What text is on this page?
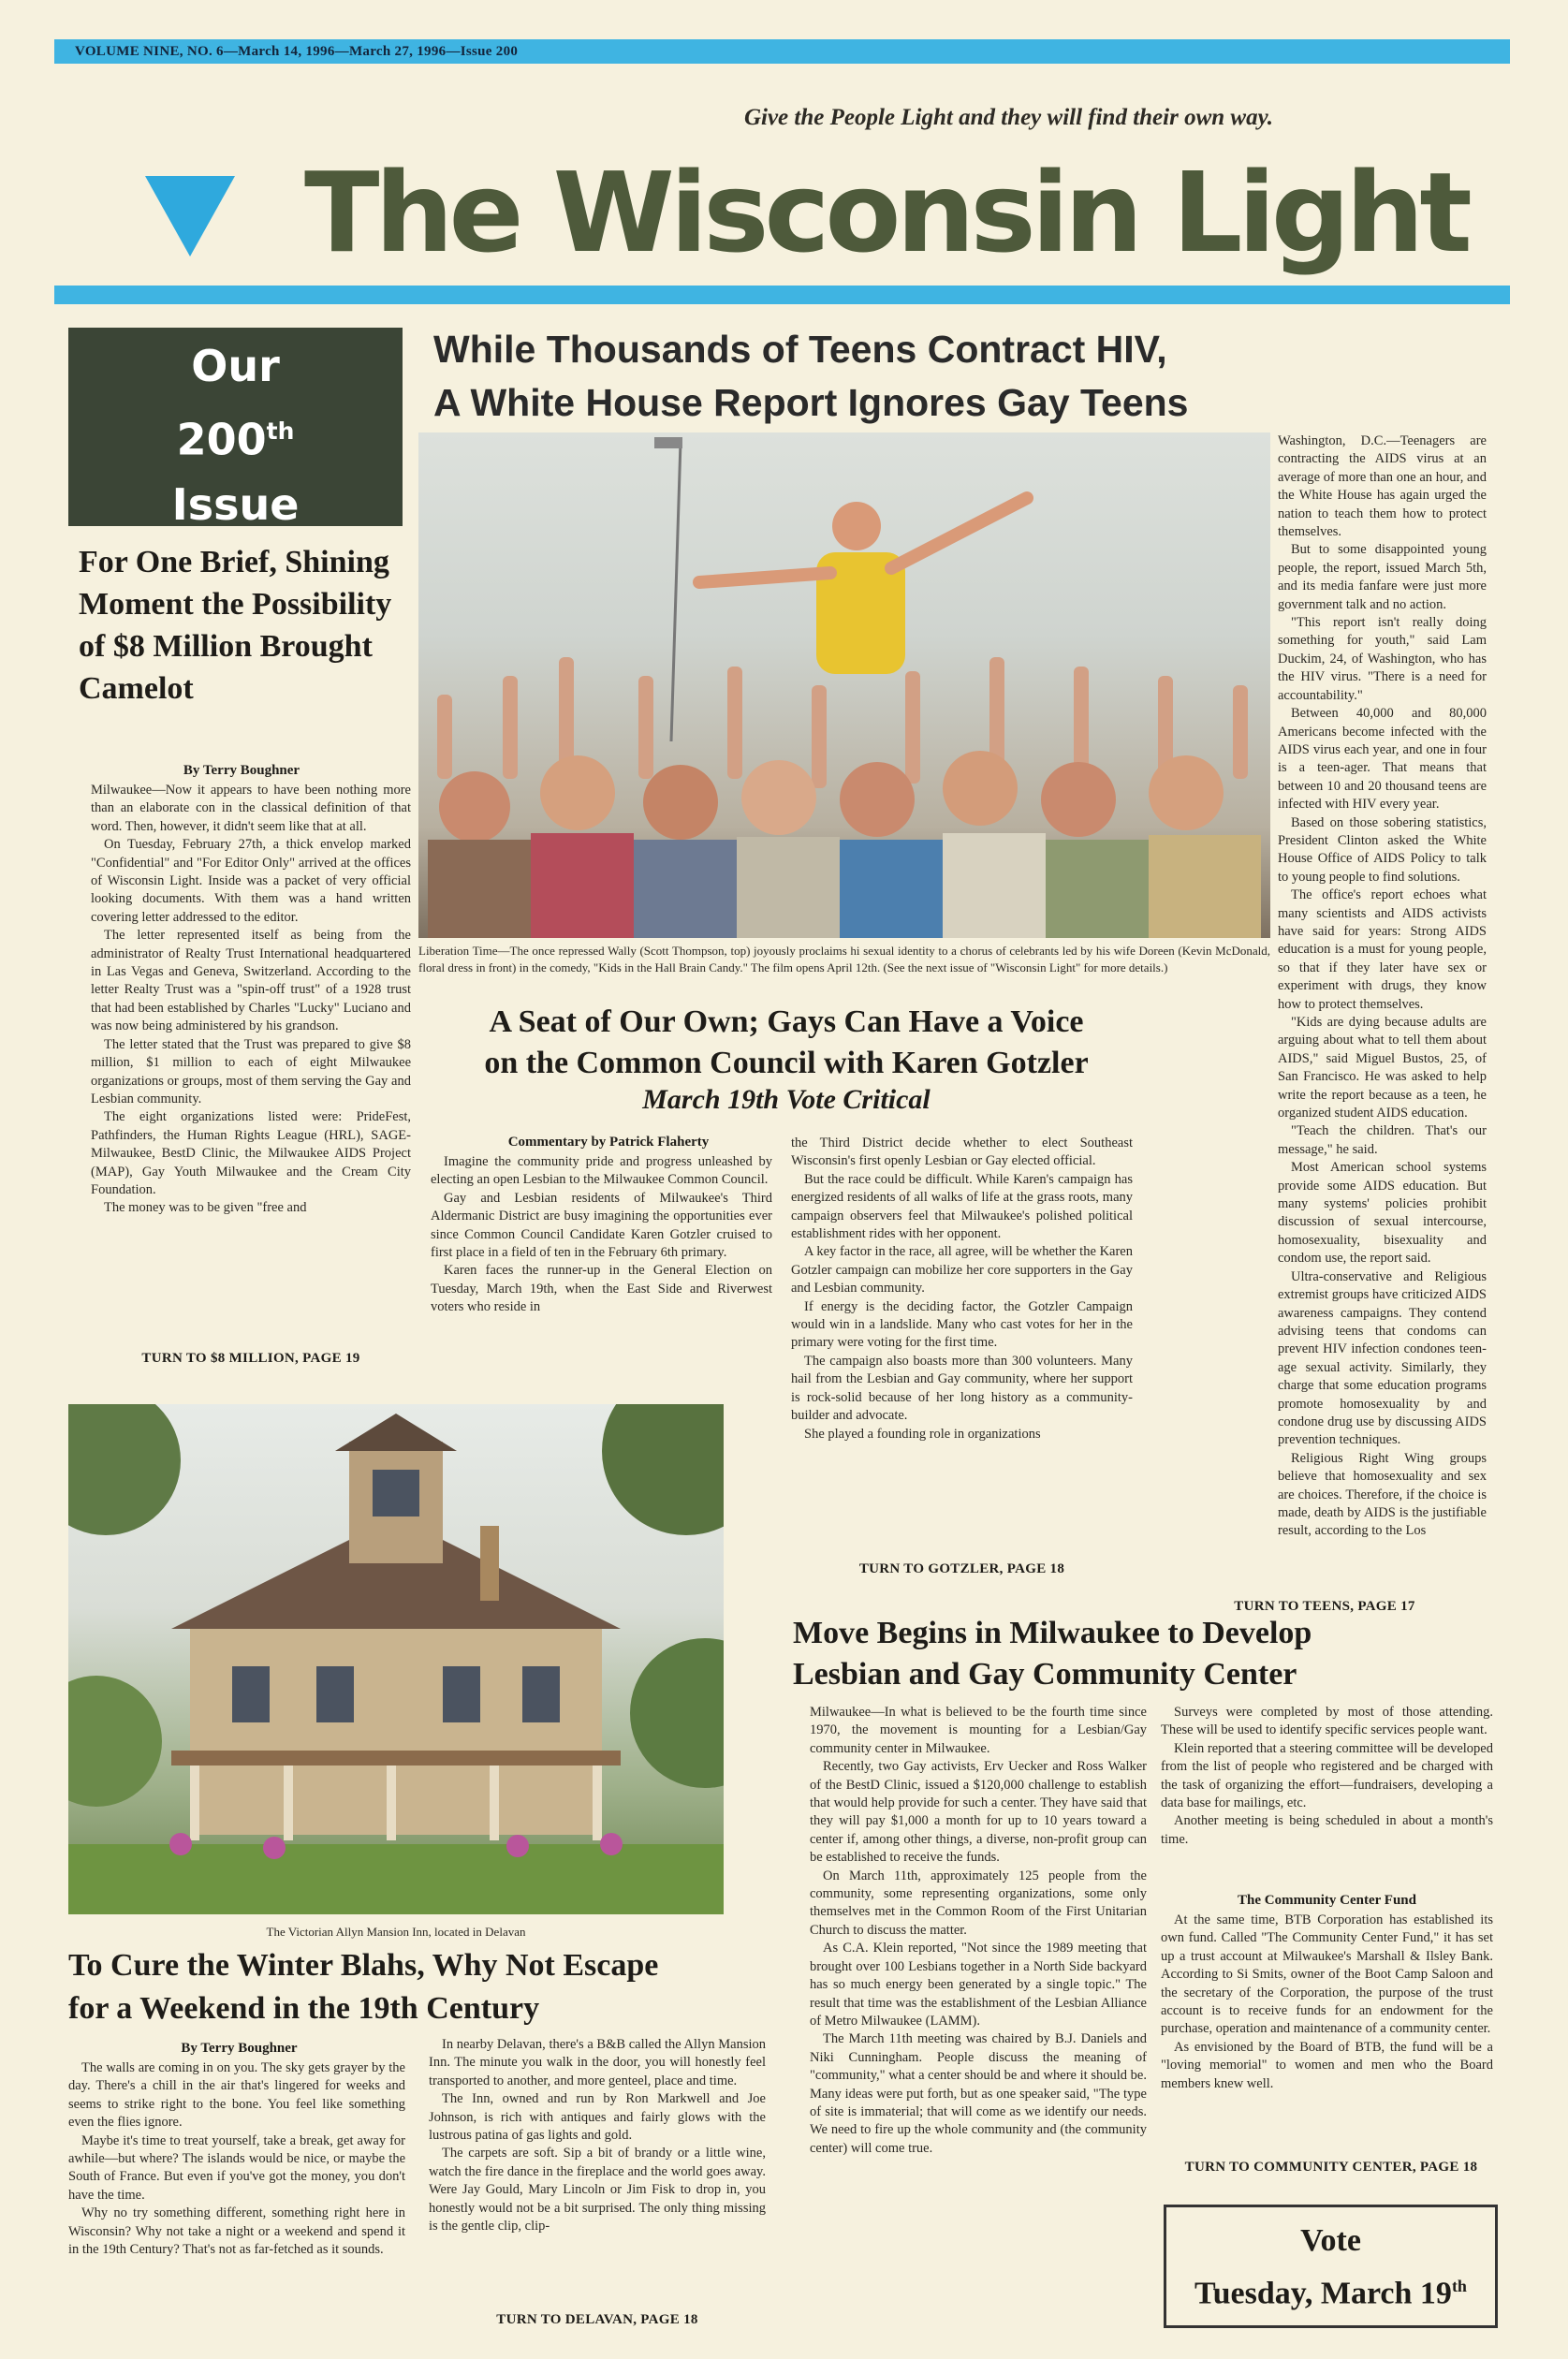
VOLUME NINE, NO. 6—March 14, 1996—March 27, 1996—Issue 200
Give the People Light and they will find their own way.
The Wisconsin Light
Our
200th
Issue
For One Brief, Shining Moment the Possibility of $8 Million Brought Camelot
By Terry Boughner

Milwaukee—Now it appears to have been nothing more than an elaborate con in the classical definition of that word. Then, however, it didn't seem like that at all.

On Tuesday, February 27th, a thick envelop marked "Confidential" and "For Editor Only" arrived at the offices of Wisconsin Light. Inside was a packet of very official looking documents. With them was a hand written covering letter addressed to the editor.

The letter represented itself as being from the administrator of Realty Trust International headquartered in Las Vegas and Geneva, Switzerland. According to the letter Realty Trust was a "spin-off trust" of a 1928 trust that had been established by Charles "Lucky" Luciano and was now being administered by his grandson.

The letter stated that the Trust was prepared to give $8 million, $1 million to each of eight Milwaukee organizations or groups, most of them serving the Gay and Lesbian community.

The eight organizations listed were: PrideFest, Pathfinders, the Human Rights League (HRL), SAGE-Milwaukee, BestD Clinic, the Milwaukee AIDS Project (MAP), Gay Youth Milwaukee and the Cream City Foundation.

The money was to be given "free and

TURN TO $8 MILLION, PAGE 19
While Thousands of Teens Contract HIV,
A White House Report Ignores Gay Teens
Liberation Time—The once repressed Wally (Scott Thompson, top) joyously proclaims hi sexual identity to a chorus of celebrants led by his wife Doreen (Kevin McDonald, floral dress in front) in the comedy, "Kids in the Hall Brain Candy." The film opens April 12th. (See the next issue of "Wisconsin Light" for more details.)

Washington, D.C.—Teenagers are contracting the AIDS virus at an average of more than one an hour, and the White House has again urged the nation to teach them how to protect themselves.

But to some disappointed young people, the report, issued March 5th, and its media fanfare were just more government talk and no action.

"This report isn't really doing something for youth," said Lam Duckim, 24, of Washington, who has the HIV virus. "There is a need for accountability."

Between 40,000 and 80,000 Americans become infected with the AIDS virus each year, and one in four is a teen-ager. That means that between 10 and 20 thousand teens are infected with HIV every year.

Based on those sobering statistics, President Clinton asked the White House Office of AIDS Policy to talk to young people to find solutions.

The office's report echoes what many scientists and AIDS activists have said for years: Strong AIDS education is a must for young people, so that if they later have sex or experiment with drugs, they know how to protect themselves.

"Kids are dying because adults are arguing about what to tell them about AIDS," said Miguel Bustos, 25, of San Francisco. He was asked to help write the report because as a teen, he organized student AIDS education.

"Teach the children. That's our message," he said.

Most American school systems provide some AIDS education. But many systems' policies prohibit discussion of sexual intercourse, homosexuality, bisexuality and condom use, the report said.

Ultra-conservative and Religious extremist groups have criticized AIDS awareness campaigns. They contend advising teens that condoms can prevent HIV infection condones teen-age sexual activity. Similarly, they charge that some education programs promote homosexuality by and condone drug use by discussing AIDS prevention techniques.

Religious Right Wing groups believe that homosexuality and sex are choices. Therefore, if the choice is made, death by AIDS is the justifiable result, according to the Los

TURN TO TEENS, PAGE 17
A Seat of Our Own; Gays Can Have a Voice
on the Common Council with Karen Gotzler
March 19th Vote Critical
Commentary by Patrick Flaherty

Imagine the community pride and progress unleashed by electing an open Lesbian to the Milwaukee Common Council.

Gay and Lesbian residents of Milwaukee's Third Aldermanic District are busy imagining the opportunities ever since Common Council Candidate Karen Gotzler cruised to first place in a field of ten in the February 6th primary.

Karen faces the runner-up in the General Election on Tuesday, March 19th, when the East Side and Riverwest voters who reside in

the Third District decide whether to elect Southeast Wisconsin's first openly Lesbian or Gay elected official.

But the race could be difficult. While Karen's campaign has energized residents of all walks of life at the grass roots, many campaign observers feel that Milwaukee's polished political establishment rides with her opponent.

A key factor in the race, all agree, will be whether the Karen Gotzler campaign can mobilize her core supporters in the Gay and Lesbian community.

If energy is the deciding factor, the Gotzler Campaign would win in a landslide. Many who cast votes for her in the primary were voting for the first time.

The campaign also boasts more than 300 volunteers. Many hail from the Lesbian and Gay community, where her support is rock-solid because of her long history as a community-builder and advocate.

She played a founding role in organizations

TURN TO GOTZLER, PAGE 18
The Victorian Allyn Mansion Inn, located in Delavan
To Cure the Winter Blahs, Why Not Escape
for a Weekend in the 19th Century
By Terry Boughner

The walls are coming in on you. The sky gets grayer by the day. There's a chill in the air that's lingered for weeks and seems to strike right to the bone. You feel like something even the flies ignore.

Maybe it's time to treat yourself, take a break, get away for awhile—but where? The islands would be nice, or maybe the South of France. But even if you've got the money, you don't have the time.

Why no try something different, something right here in Wisconsin? Why not take a night or a weekend and spend it in the 19th Century? That's not as far-fetched as it sounds.

In nearby Delavan, there's a B&B called the Allyn Mansion Inn. The minute you walk in the door, you will honestly feel transported to another, and more genteel, place and time.

The Inn, owned and run by Ron Markwell and Joe Johnson, is rich with antiques and fairly glows with the lustrous patina of gas lights and gold.

The carpets are soft. Sip a bit of brandy or a little wine, watch the fire dance in the fireplace and the world goes away. Were Jay Gould, Mary Lincoln or Jim Fisk to drop in, you honestly would not be a bit surprised. The only thing missing is the gentle clip, clip-

TURN TO DELAVAN, PAGE 18
Move Begins in Milwaukee to Develop
Lesbian and Gay Community Center

Milwaukee—In what is believed to be the fourth time since 1970, the movement is mounting for a Lesbian/Gay community center in Milwaukee.

Recently, two Gay activists, Erv Uecker and Ross Walker of the BestD Clinic, issued a $120,000 challenge to establish that would help provide for such a center. They have said that they will pay $1,000 a month for up to 10 years toward a center if, among other things, a diverse, non-profit group can be established to receive the funds.

On March 11th, approximately 125 people from the community, some representing organizations, some only themselves met in the Common Room of the First Unitarian Church to discuss the matter.

As C.A. Klein reported, "Not since the 1989 meeting that brought over 100 Lesbians together in a North Side backyard has so much energy been generated by a single topic." The result that time was the establishment of the Lesbian Alliance of Metro Milwaukee (LAMM).

The March 11th meeting was chaired by B.J. Daniels and Niki Cunningham. People discuss the meaning of "community," what a center should be and where it should be. Many ideas were put forth, but as one speaker said, "The type of site is immaterial; that will come as we identify our needs. We need to fire up the whole community and (the community center) will come true.

Surveys were completed by most of those attending. These will be used to identify specific services people want.

Klein reported that a steering committee will be developed from the list of people who registered and be charged with the task of organizing the effort—fundraisers, developing a data base for mailings, etc.

Another meeting is being scheduled in about a month's time.

The Community Center Fund

At the same time, BTB Corporation has established its own fund. Called "The Community Center Fund," it has set up a trust account at Milwaukee's Marshall & Ilsley Bank. According to Si Smits, owner of the Boot Camp Saloon and the secretary of the Corporation, the purpose of the trust account is to receive funds for an endowment for the purchase, operation and maintenance of a community center.

As envisioned by the Board of BTB, the fund will be a "loving memorial" to women and men who the Board members knew well.

TURN TO COMMUNITY CENTER, PAGE 18
Vote
Tuesday, March 19th
